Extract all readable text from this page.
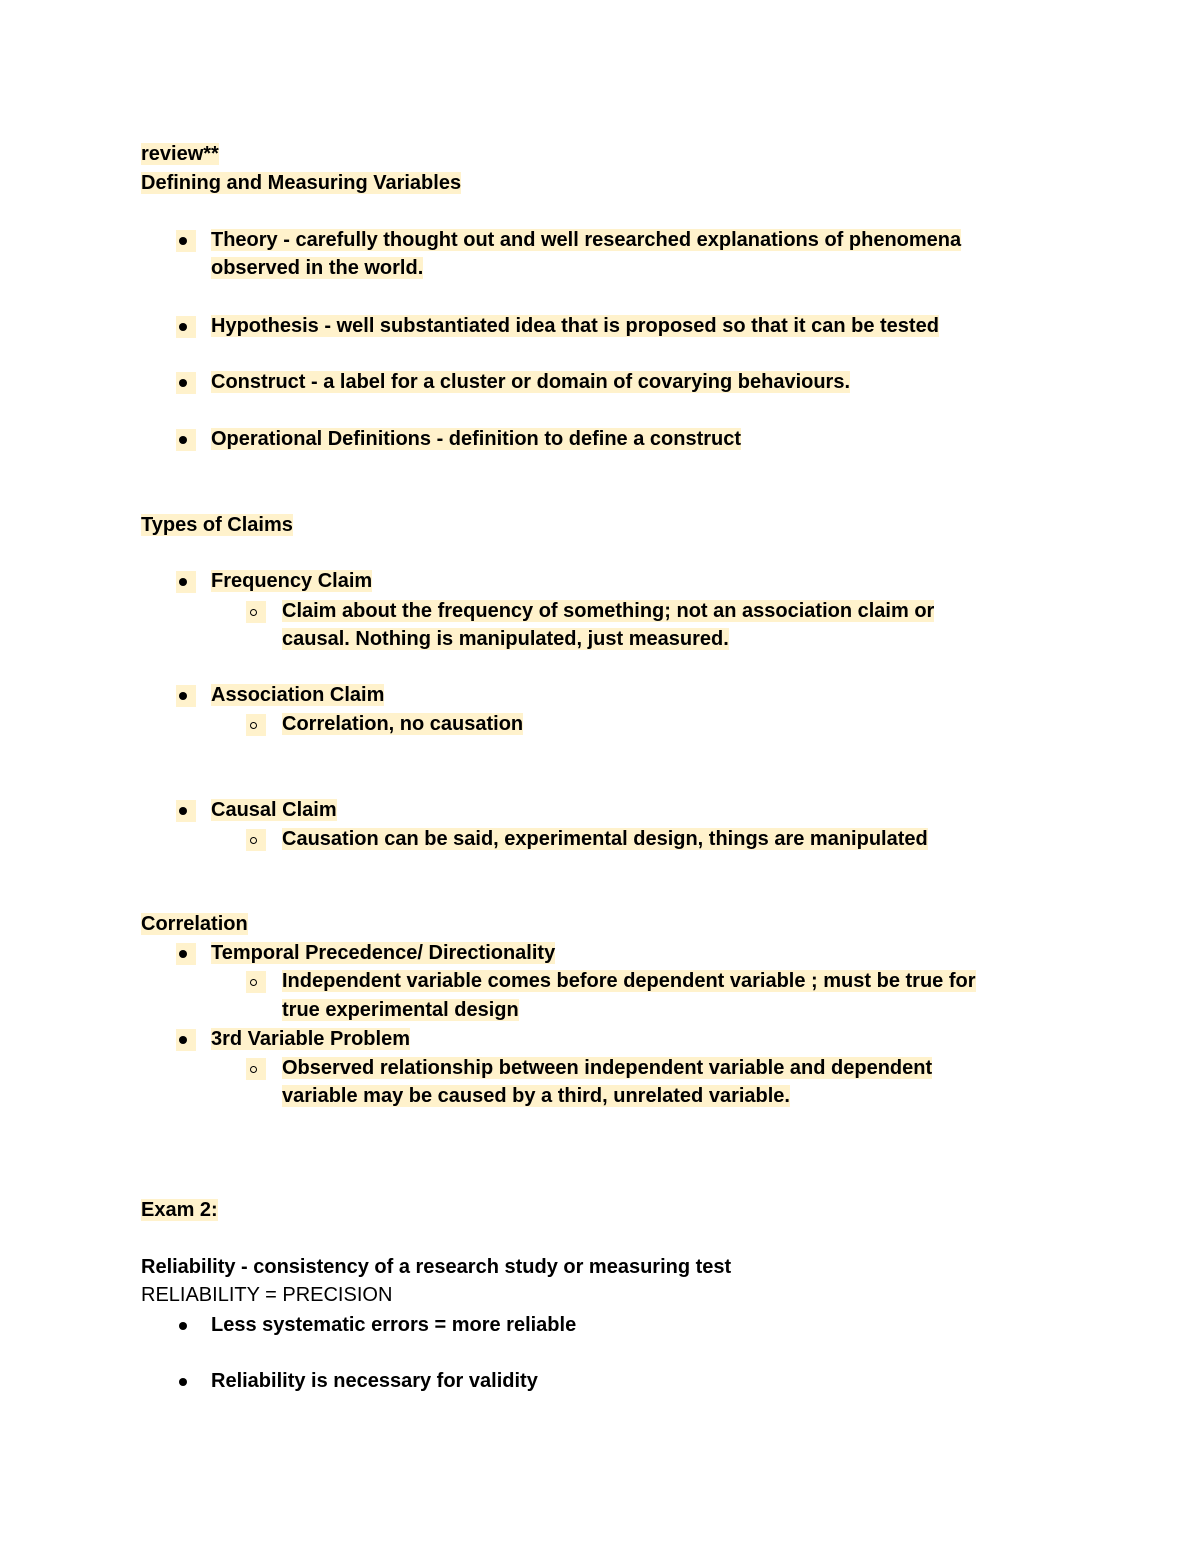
review**
Defining and Measuring Variables
Theory - carefully thought out and well researched explanations of phenomena
observed in the world.
Hypothesis - well substantiated idea that is proposed so that it can be tested
Construct - a label for a cluster or domain of covarying behaviours.
Operational Definitions - definition to define a construct
Types of Claims
Frequency Claim
Claim about the frequency of something; not an association claim or
causal. Nothing is manipulated, just measured.
Association Claim
Correlation, no causation
Causal Claim
Causation can be said, experimental design, things are manipulated
Correlation
Temporal Precedence/ Directionality
Independent variable comes before dependent variable ; must be true for
true experimental design
3rd Variable Problem
Observed relationship between independent variable and dependent
variable may be caused by a third, unrelated variable.
Exam 2:
Reliability - consistency of a research study or measuring test
RELIABILITY = PRECISION
Less systematic errors = more reliable
Reliability is necessary for validity
